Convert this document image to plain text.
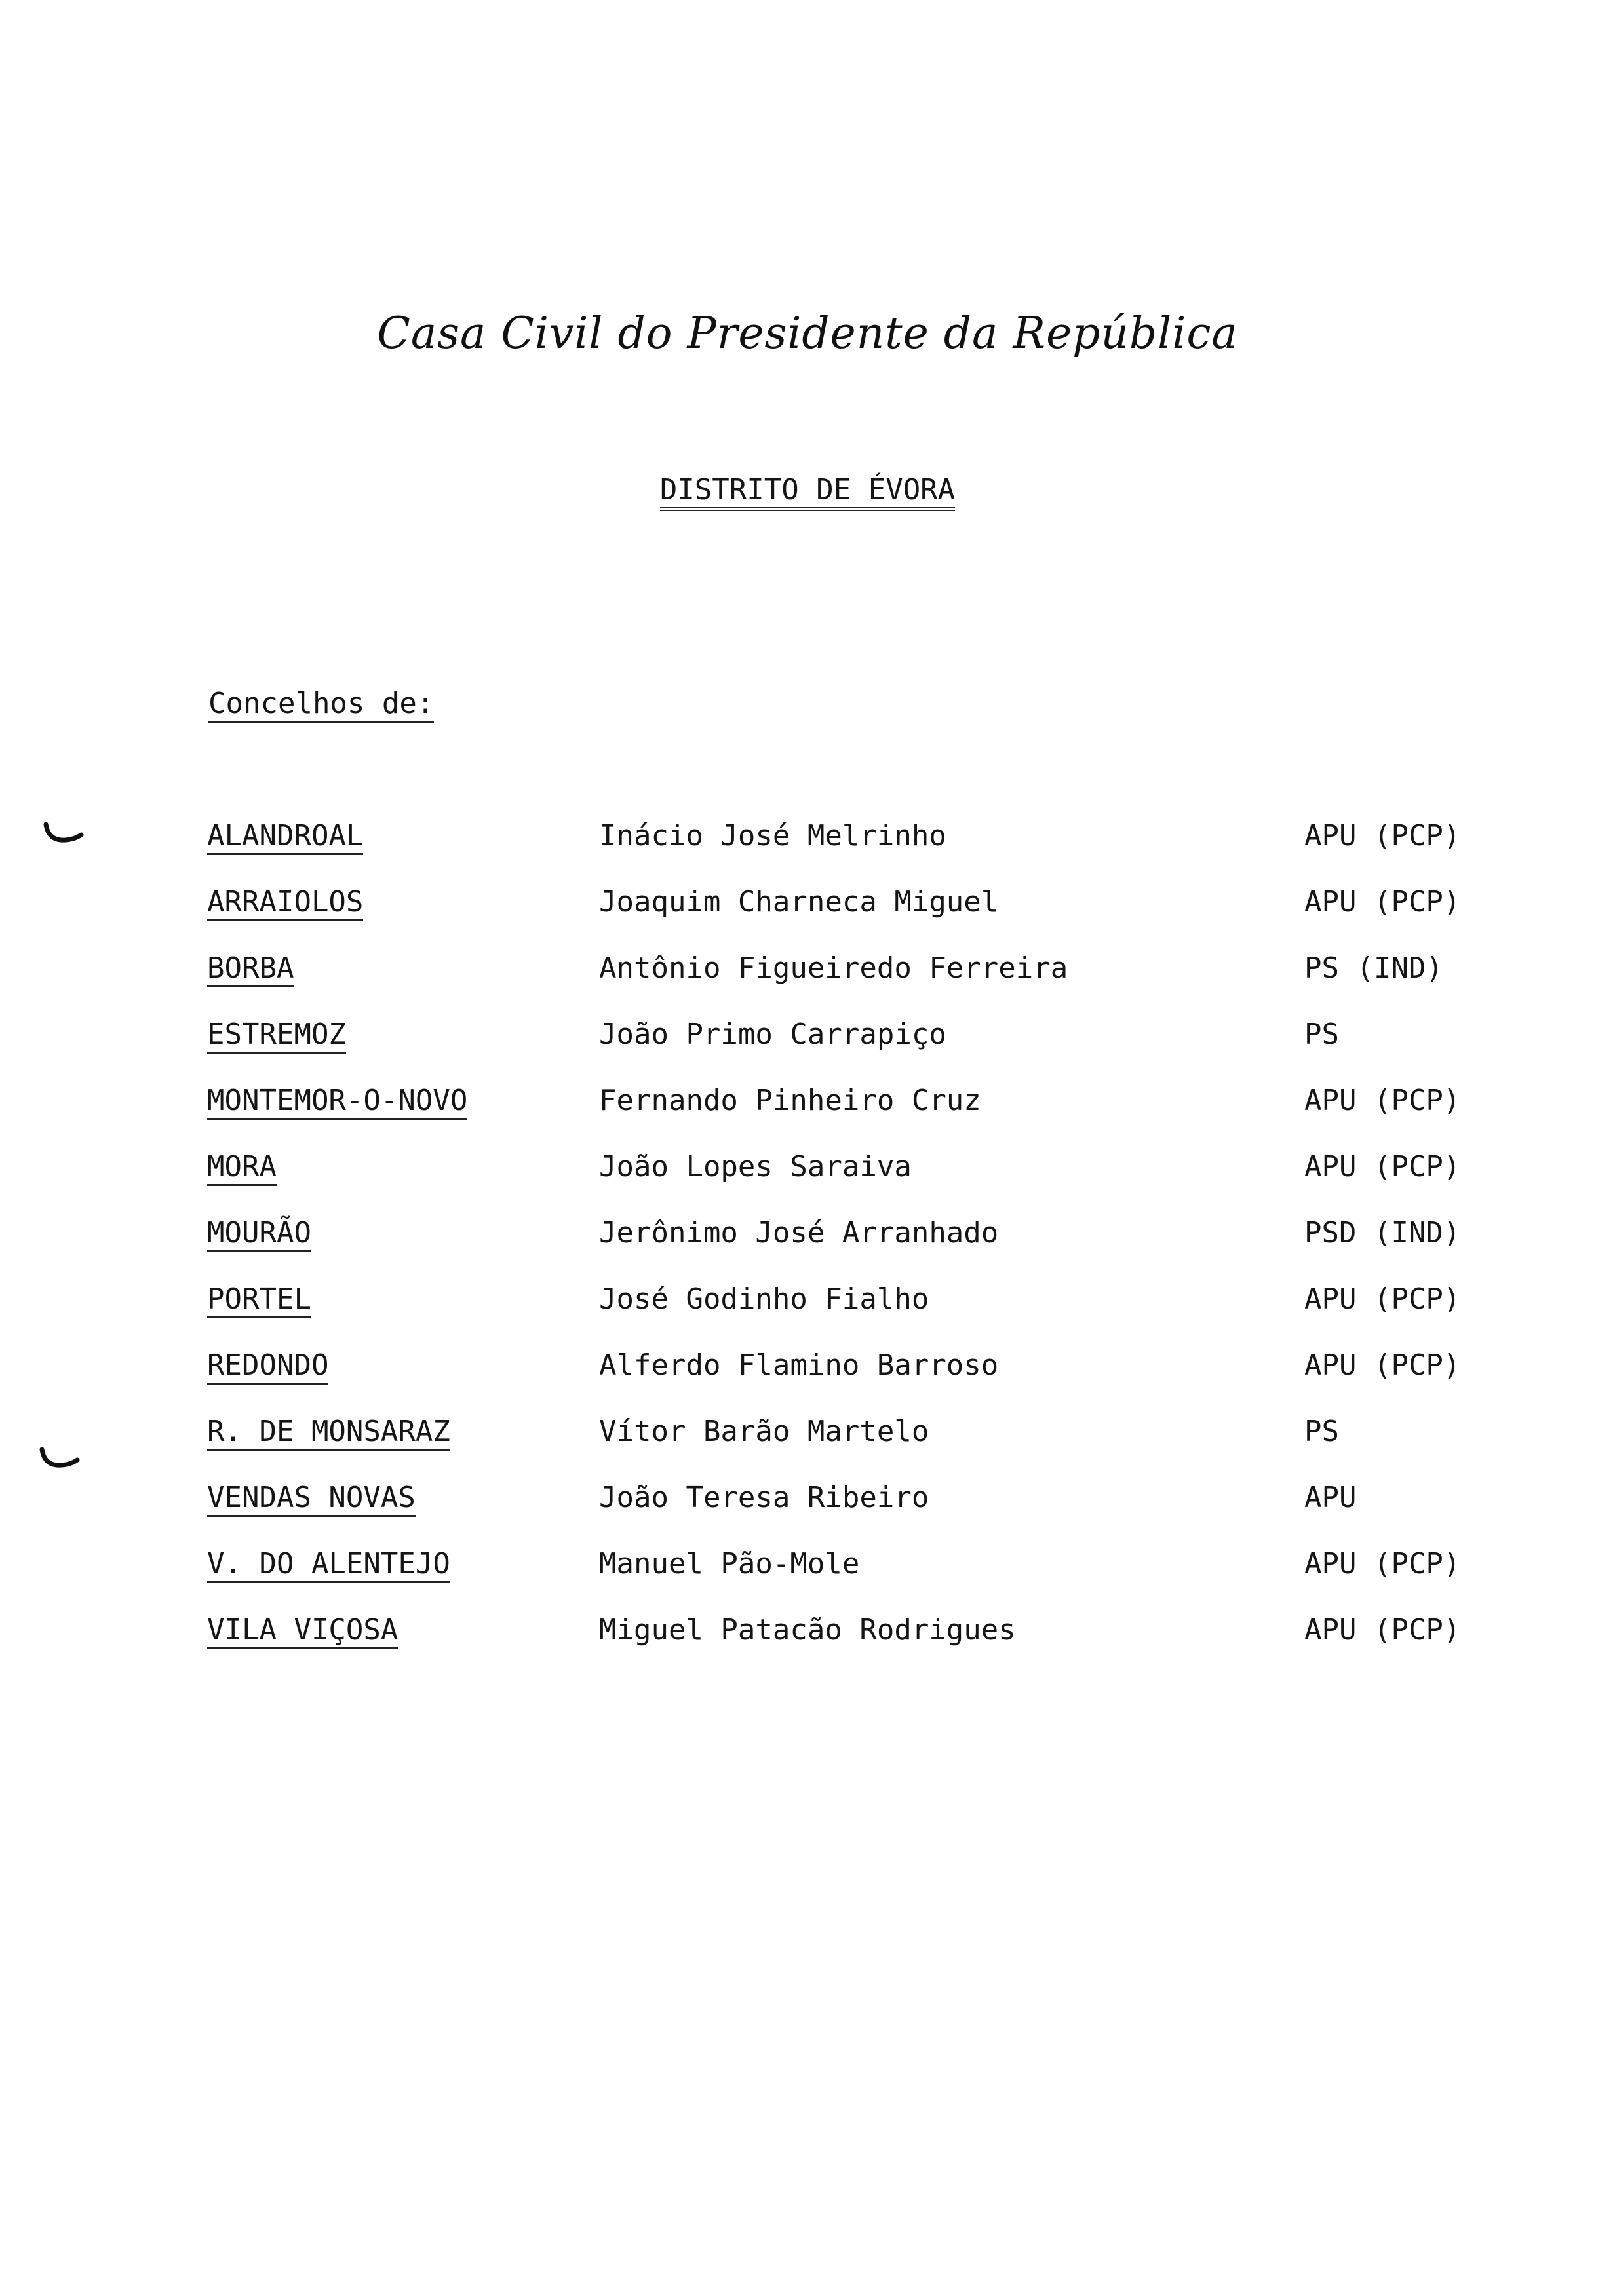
Casa Civil do Presidente da República
DISTRITO DE ÉVORA
Concelhos de:
ALANDROAL	Inácio José Melrinho	APU (PCP)
ARRAIOLOS	Joaquim Charneca Miguel	APU (PCP)
BORBA	Antônio Figueiredo Ferreira	PS (IND)
ESTREMOZ	João Primo Carrapiço	PS
MONTEMOR-O-NOVO	Fernando Pinheiro Cruz	APU (PCP)
MORA	João Lopes Saraiva	APU (PCP)
MOURÃO	Jerônimo José Arranhado	PSD (IND)
PORTEL	José Godinho Fialho	APU (PCP)
REDONDO	Alferdo Flamino Barroso	APU (PCP)
R. DE MONSARAZ	Vítor Barão Martelo	PS
VENDAS NOVAS	João Teresa Ribeiro	APU
V. DO ALENTEJO	Manuel Pão-Mole	APU (PCP)
VILA VIÇOSA	Miguel Patacão Rodrigues	APU (PCP)
